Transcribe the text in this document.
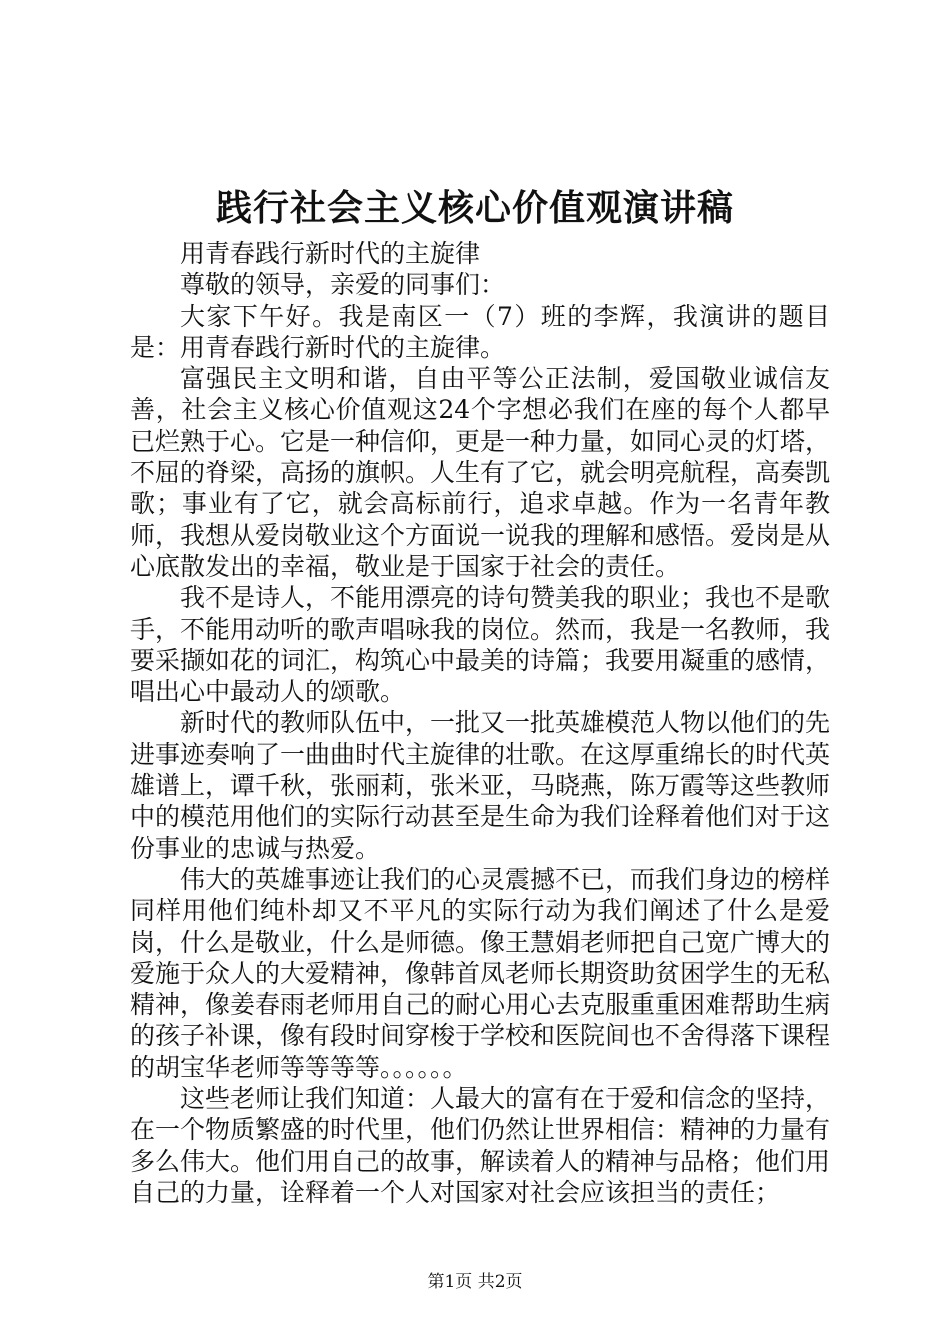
践行社会主义核心价值观演讲稿

用青春践行新时代的主旋律

尊敬的领导，亲爱的同事们：

大家下午好。我是南区一（7）班的李辉，我演讲的题目是：用青春践行新时代的主旋律。

富强民主文明和谐，自由平等公正法制，爱国敬业诚信友善，社会主义核心价值观这24个字想必我们在座的每个人都早已烂熟于心。它是一种信仰，更是一种力量，如同心灵的灯塔，不屈的脊梁，高扬的旗帜。人生有了它，就会明亮航程，高奏凯歌；事业有了它，就会高标前行，追求卓越。作为一名青年教师，我想从爱岗敬业这个方面说一说我的理解和感悟。爱岗是从心底散发出的幸福，敬业是于国家于社会的责任。

我不是诗人，不能用漂亮的诗句赞美我的职业；我也不是歌手，不能用动听的歌声唱咏我的岗位。然而，我是一名教师，我要采撷如花的词汇，构筑心中最美的诗篇；我要用凝重的感情，唱出心中最动人的颂歌。

新时代的教师队伍中，一批又一批英雄模范人物以他们的先进事迹奏响了一曲曲时代主旋律的壮歌。在这厚重绵长的时代英雄谱上，谭千秋，张丽莉，张米亚，马晓燕，陈万霞等这些教师中的模范用他们的实际行动甚至是生命为我们诠释着他们对于这份事业的忠诚与热爱。

伟大的英雄事迹让我们的心灵震撼不已，而我们身边的榜样同样用他们纯朴却又不平凡的实际行动为我们阐述了什么是爱岗，什么是敬业，什么是师德。像王慧娟老师把自己宽广博大的爱施于众人的大爱精神，像韩首凤老师长期资助贫困学生的无私精神，像姜春雨老师用自己的耐心用心去克服重重困难帮助生病的孩子补课，像有段时间穿梭于学校和医院间也不舍得落下课程的胡宝华老师等等等等。。。。。。

这些老师让我们知道：人最大的富有在于爱和信念的坚持，在一个物质繁盛的时代里，他们仍然让世界相信：精神的力量有多么伟大。他们用自己的故事，解读着人的精神与品格；他们用自己的力量，诠释着一个人对国家对社会应该担当的责任；

第1页 共2页
